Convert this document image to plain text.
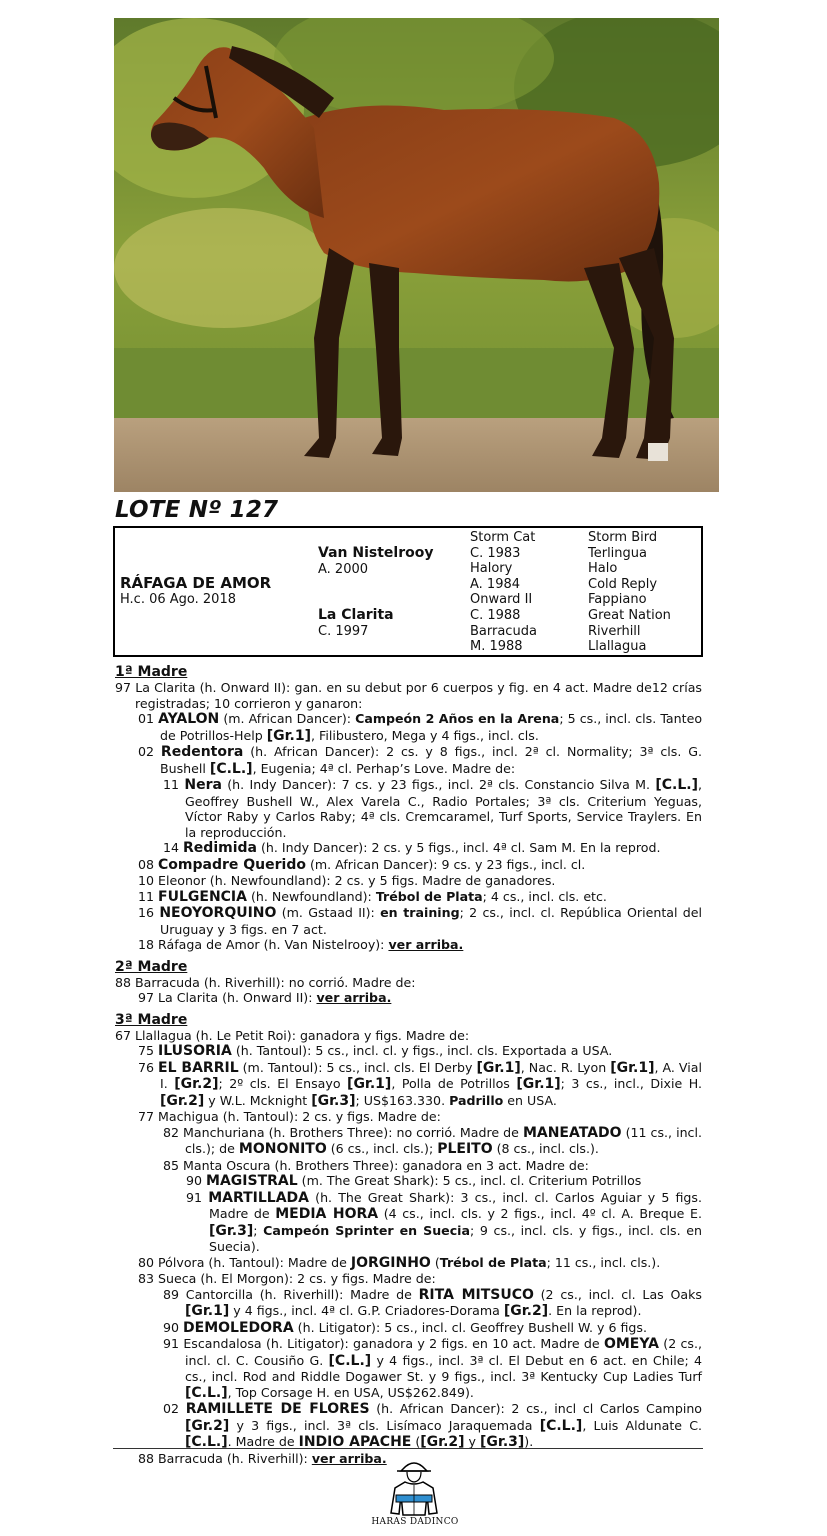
LOTE Nº 127
Storm Cat
C. 1983
Halory
A. 1984
Onward II
C. 1988
Barracuda
M. 1988
Storm Bird
Terlingua
Halo
Cold Reply
Fappiano
Great Nation
Riverhill
Llallagua
Van Nistelrooy
A. 2000
La Clarita
C. 1997
RÁFAGA DE AMOR
H.c. 06 Ago. 2018
1ª Madre
97 La Clarita (h. Onward II): gan. en su debut por 6 cuerpos y fig. en 4 act. Madre de12 crías registradas; 10 corrieron y ganaron:
01 AYALON (m. African Dancer): Campeón 2 Años en la Arena; 5 cs., incl. cls. Tanteo de Potrillos-Help [Gr.1], Filibustero, Mega y 4 figs., incl. cls.
02 Redentora (h. African Dancer): 2 cs. y 8 figs., incl. 2ª cl. Normality; 3ª cls. G. Bushell [C.L.], Eugenia; 4ª cl. Perhap’s Love. Madre de:
11 Nera (h. Indy Dancer): 7 cs. y 23 figs., incl. 2ª cls. Constancio Silva M. [C.L.], Geoffrey Bushell W., Alex Varela C., Radio Portales; 3ª cls. Criterium Yeguas, Víctor Raby y Carlos Raby; 4ª cls. Cremcaramel, Turf Sports, Service Traylers. En la reproducción.
14 Redimida (h. Indy Dancer): 2 cs. y 5 figs., incl. 4ª cl. Sam M. En la reprod.
08 Compadre Querido (m. African Dancer): 9 cs. y 23 figs., incl. cl.
10 Eleonor (h. Newfoundland): 2 cs. y 5 figs. Madre de ganadores.
11 FULGENCIA (h. Newfoundland): Trébol de Plata; 4 cs., incl. cls. etc.
16 NEOYORQUINO (m. Gstaad II): en training; 2 cs., incl. cl. República Oriental del Uruguay y 3 figs. en 7 act.
18 Ráfaga de Amor (h. Van Nistelrooy): ver arriba.
2ª Madre
88 Barracuda (h. Riverhill): no corrió. Madre de:
97 La Clarita (h. Onward II): ver arriba.
3ª Madre
67 Llallagua (h. Le Petit Roi): ganadora y figs. Madre de:
75 ILUSORIA (h. Tantoul): 5 cs., incl. cl. y figs., incl. cls. Exportada a USA.
76 EL BARRIL (m. Tantoul): 5 cs., incl. cls. El Derby [Gr.1], Nac. R. Lyon [Gr.1], A. Vial I. [Gr.2]; 2º cls. El Ensayo [Gr.1], Polla de Potrillos [Gr.1]; 3 cs., incl., Dixie H. [Gr.2] y W.L. Mcknight [Gr.3]; US$163.330. Padrillo en USA.
77 Machigua (h. Tantoul): 2 cs. y figs. Madre de:
82 Manchuriana (h. Brothers Three): no corrió. Madre de MANEATADO (11 cs., incl. cls.); de MONONITO (6 cs., incl. cls.); PLEITO (8 cs., incl. cls.).
85 Manta Oscura (h. Brothers Three): ganadora en 3 act. Madre de:
90 MAGISTRAL (m. The Great Shark): 5 cs., incl. cl. Criterium Potrillos
91 MARTILLADA (h. The Great Shark): 3 cs., incl. cl. Carlos Aguiar y 5 figs. Madre de MEDIA HORA (4 cs., incl. cls. y 2 figs., incl. 4º cl. A. Breque E. [Gr.3]; Campeón Sprinter en Suecia; 9 cs., incl. cls. y figs., incl. cls. en Suecia).
80 Pólvora (h. Tantoul): Madre de JORGINHO (Trébol de Plata; 11 cs., incl. cls.).
83 Sueca (h. El Morgon): 2 cs. y figs. Madre de:
89 Cantorcilla (h. Riverhill): Madre de RITA MITSUCO (2 cs., incl. cl. Las Oaks [Gr.1] y 4 figs., incl. 4ª cl. G.P. Criadores-Dorama [Gr.2]. En la reprod).
90 DEMOLEDORA (h. Litigator): 5 cs., incl. cl. Geoffrey Bushell W. y 6 figs.
91 Escandalosa (h. Litigator): ganadora y 2 figs. en 10 act. Madre de OMEYA (2 cs., incl. cl. C. Cousiño G. [C.L.] y 4 figs., incl. 3ª cl. El Debut en 6 act. en Chile; 4 cs., incl. Rod and Riddle Dogawer St. y 9 figs., incl. 3ª Kentucky Cup Ladies Turf [C.L.], Top Corsage H. en USA, US$262.849).
02 RAMILLETE DE FLORES (h. African Dancer): 2 cs., incl cl Carlos Campino [Gr.2] y 3 figs., incl. 3ª cls. Lisímaco Jaraquemada [C.L.], Luis Aldunate C. [C.L.]. Madre de INDIO APACHE ([Gr.2] y [Gr.3]).
88 Barracuda (h. Riverhill): ver arriba.
HARAS DADINCO
